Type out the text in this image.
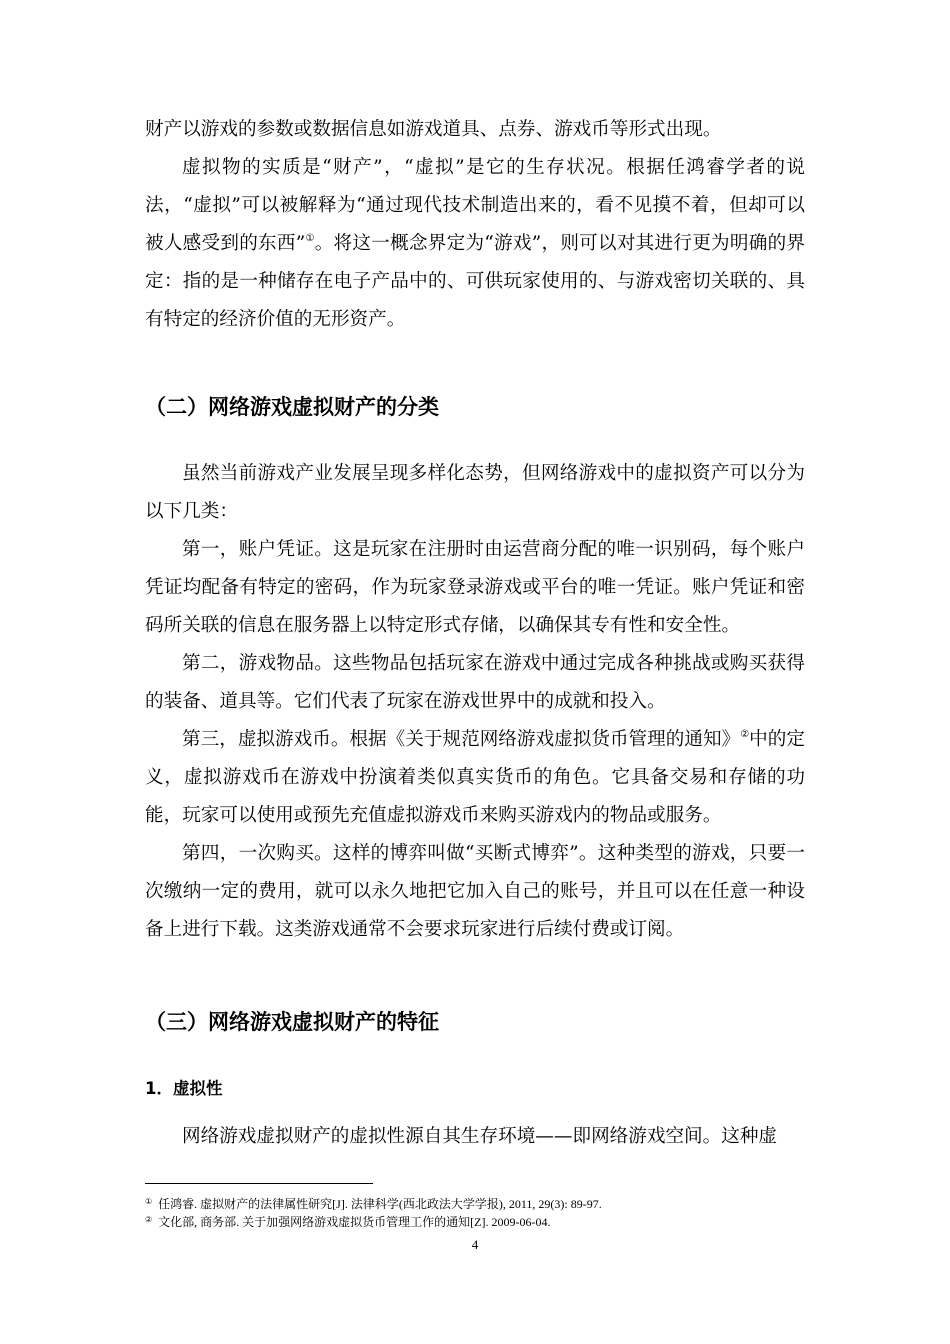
财产以游戏的参数或数据信息如游戏道具、点券、游戏币等形式出现。

虚拟物的实质是“财产”，“虚拟”是它的生存状况。根据任鸿睿学者的说法，“虚拟”可以被解释为“通过现代技术制造出来的，看不见摸不着，但却可以被人感受到的东西”①。将这一概念界定为“游戏”，则可以对其进行更为明确的界定：指的是一种储存在电子产品中的、可供玩家使用的、与游戏密切关联的、具有特定的经济价值的无形资产。

（二）网络游戏虚拟财产的分类

虽然当前游戏产业发展呈现多样化态势，但网络游戏中的虚拟资产可以分为以下几类：

第一，账户凭证。这是玩家在注册时由运营商分配的唯一识别码，每个账户凭证均配备有特定的密码，作为玩家登录游戏或平台的唯一凭证。账户凭证和密码所关联的信息在服务器上以特定形式存储，以确保其专有性和安全性。

第二，游戏物品。这些物品包括玩家在游戏中通过完成各种挑战或购买获得的装备、道具等。它们代表了玩家在游戏世界中的成就和投入。

第三，虚拟游戏币。根据《关于规范网络游戏虚拟货币管理的通知》②中的定义，虚拟游戏币在游戏中扮演着类似真实货币的角色。它具备交易和存储的功能，玩家可以使用或预先充值虚拟游戏币来购买游戏内的物品或服务。

第四，一次购买。这样的博弈叫做“买断式博弈”。这种类型的游戏，只要一次缴纳一定的费用，就可以永久地把它加入自己的账号，并且可以在任意一种设备上进行下载。这类游戏通常不会要求玩家进行后续付费或订阅。

（三）网络游戏虚拟财产的特征
1．虚拟性

网络游戏虚拟财产的虚拟性源自其生存环境——即网络游戏空间。这种虚

① 任鸿睿. 虚拟财产的法律属性研究[J]. 法律科学(西北政法大学学报), 2011, 29(3): 89-97.

② 文化部, 商务部. 关于加强网络游戏虚拟货币管理工作的通知[Z]. 2009-06-04.

4
